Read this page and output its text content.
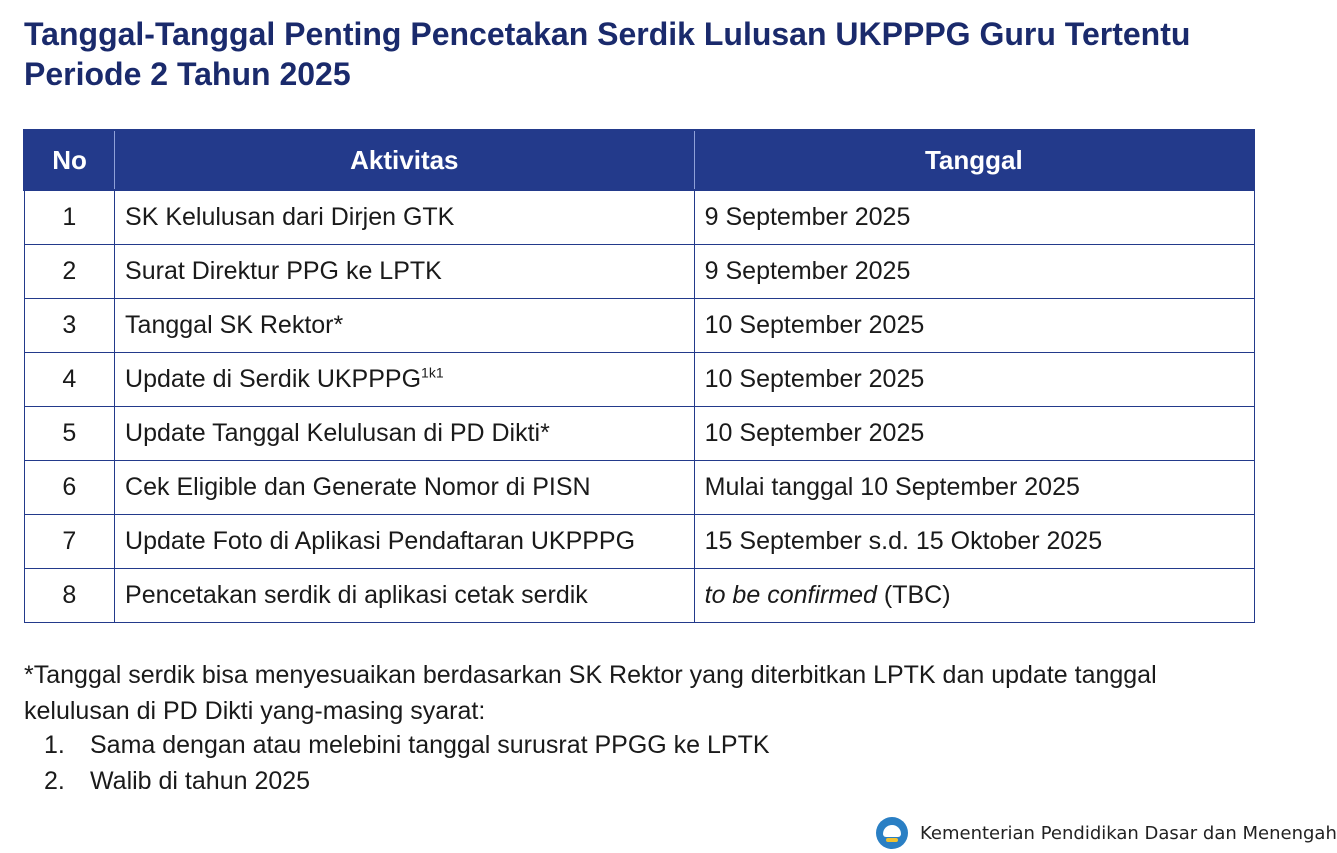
Tanggal-Tanggal Penting Pencetakan Serdik Lulusan UKPPPG Guru Tertentu
Periode 2 Tahun 2025
No	Aktivitas	Tanggal
1	SK Kelulusan dari Dirjen GTK	9 September 2025
2	Surat Direktur PPG ke LPTK	9 September 2025
3	Tanggal SK Rektor*	10 September 2025
4	Update di Serdik $UKPPPG^{1k1}$	10 September 2025
5	Update Tanggal Kelulusan di PD Dikti*	10 September 2025
6	Cek Eligible dan Generate Nomor di PISN	Mulai tanggal 10 September 2025
7	Update Foto di Aplikasi Pendaftaran UKPPPG	15 September s.d. 15 Oktober 2025
8	Pencetakan serdik di aplikasi cetak serdik	to be confirmed (TBC)

*Tanggal serdik bisa menyesuaikan berdasarkan SK Rektor yang diterbitkan LPTK dan update tanggal kelulusan di PD Dikti yang-masing syarat:

1.	Sama dengan atau melebini tanggal surusrat PPGG ke LPTK
2.	Walib di tahun 2025
Kementerian Pendidikan Dasar dan Menengah
